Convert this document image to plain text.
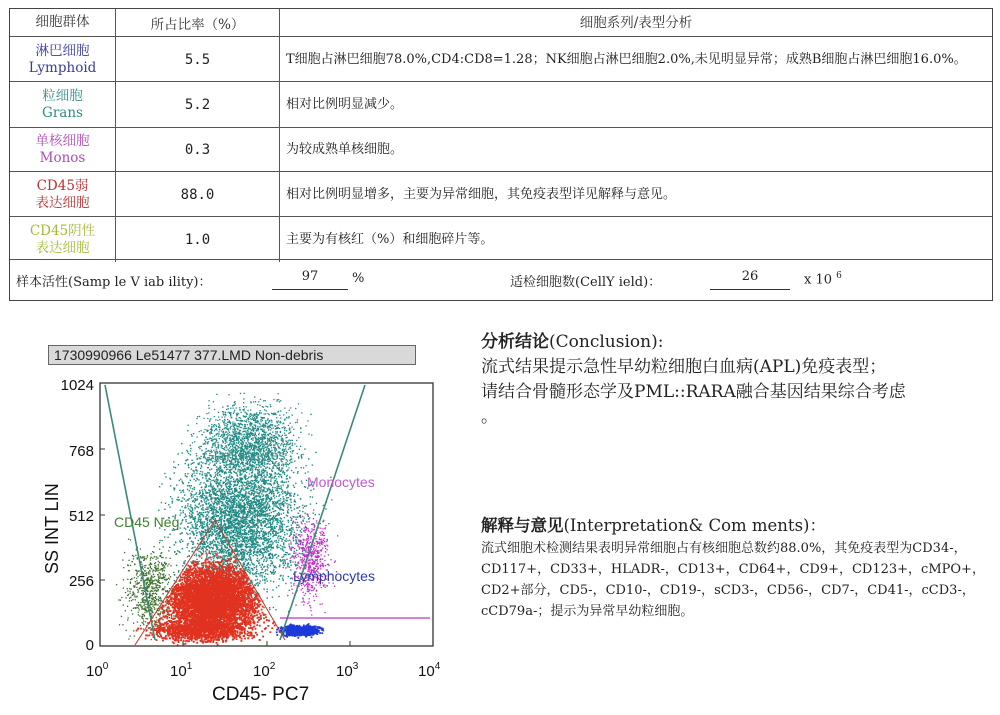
细胞群体	所占比率（%）	细胞系列/表型分析
淋巴细胞
Lymphoid	5.5	T细胞占淋巴细胞78.0%,CD4:CD8=1.28；NK细胞占淋巴细胞2.0%,未见明显异常；成熟B细胞占淋巴细胞16.0%。
粒细胞
Grans	5.2	相对比例明显减少。
单核细胞
Monos	0.3	为较成熟单核细胞。
CD45弱
表达细胞	88.0	相对比例明显增多，主要为异常细胞，其免疫表型详见解释与意见。
CD45阴性
表达细胞	1.0	主要为有核红（%）和细胞碎片等。
样本活性(Samp le V iab ility)：	97	%	适检细胞数(CellY ield)：	26	x 10 $^6$
1730990966 Le51477 377.LMD Non-debris
1024
768
512
256
0
$10^0$	$10^1$	$10^2$	$10^3$	$10^4$
CD45- PC7
SS INT LIN
Granulocytes
Monocytes
CD45 Neg
Lymphocytes
分析结论(Conclusion):
流式结果提示急性早幼粒细胞白血病(APL)免疫表型；
请结合骨髓形态学及PML::RARA融合基因结果综合考虑
。
解释与意见(Interpretation& Com ments)：
流式细胞术检测结果表明异常细胞占有核细胞总数约88.0%，其免疫表型为CD34-，CD117+，CD33+，HLADR-，CD13+，CD64+，CD9+，CD123+，cMPO+，CD2+部分，CD5-，CD10-，CD19-，sCD3-，CD56-，CD7-，CD41-，cCD3-，cCD79a-；提示为异常早幼粒细胞。
